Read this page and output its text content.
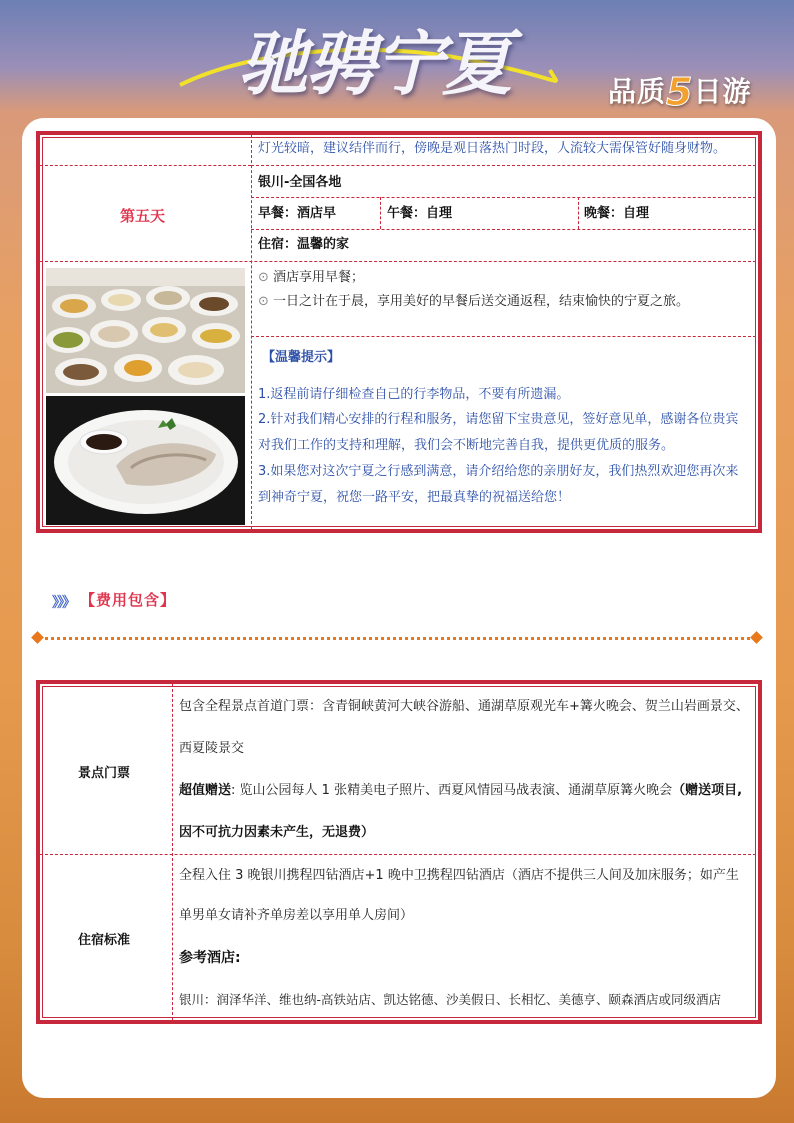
驰骋宁夏	品质5日游
灯光较暗，建议结伴而行，傍晚是观日落热门时段，人流较大需保管好随身财物。
第五天
银川-全国各地
早餐：酒店早	午餐：自理	晚餐：自理
住宿：温馨的家
⊙ 酒店享用早餐；
⊙ 一日之计在于晨，享用美好的早餐后送交通返程，结束愉快的宁夏之旅。
【温馨提示】
1.返程前请仔细检查自己的行李物品，不要有所遗漏。
2.针对我们精心安排的行程和服务，请您留下宝贵意见，签好意见单，感谢各位贵宾
对我们工作的支持和理解，我们会不断地完善自我，提供更优质的服务。
3.如果您对这次宁夏之行感到满意，请介绍给您的亲朋好友，我们热烈欢迎您再次来
到神奇宁夏，祝您一路平安，把最真挚的祝福送给您！
》》》 【费用包含】
景点门票
包含全程景点首道门票：含青铜峡黄河大峡谷游船、通湖草原观光车+篝火晚会、贺兰山岩画景交、
西夏陵景交
超值赠送: 览山公园每人 1 张精美电子照片、西夏风情园马战表演、通湖草原篝火晚会（赠送项目,
因不可抗力因素未产生，无退费）
住宿标准
全程入住 3 晚银川携程四钻酒店+1 晚中卫携程四钻酒店（酒店不提供三人间及加床服务；如产生
单男单女请补齐单房差以享用单人房间）
参考酒店:
银川：润泽华洋、维也纳-高铁站店、凯达铭德、沙美假日、长相忆、美德亨、颐森酒店或同级酒店
